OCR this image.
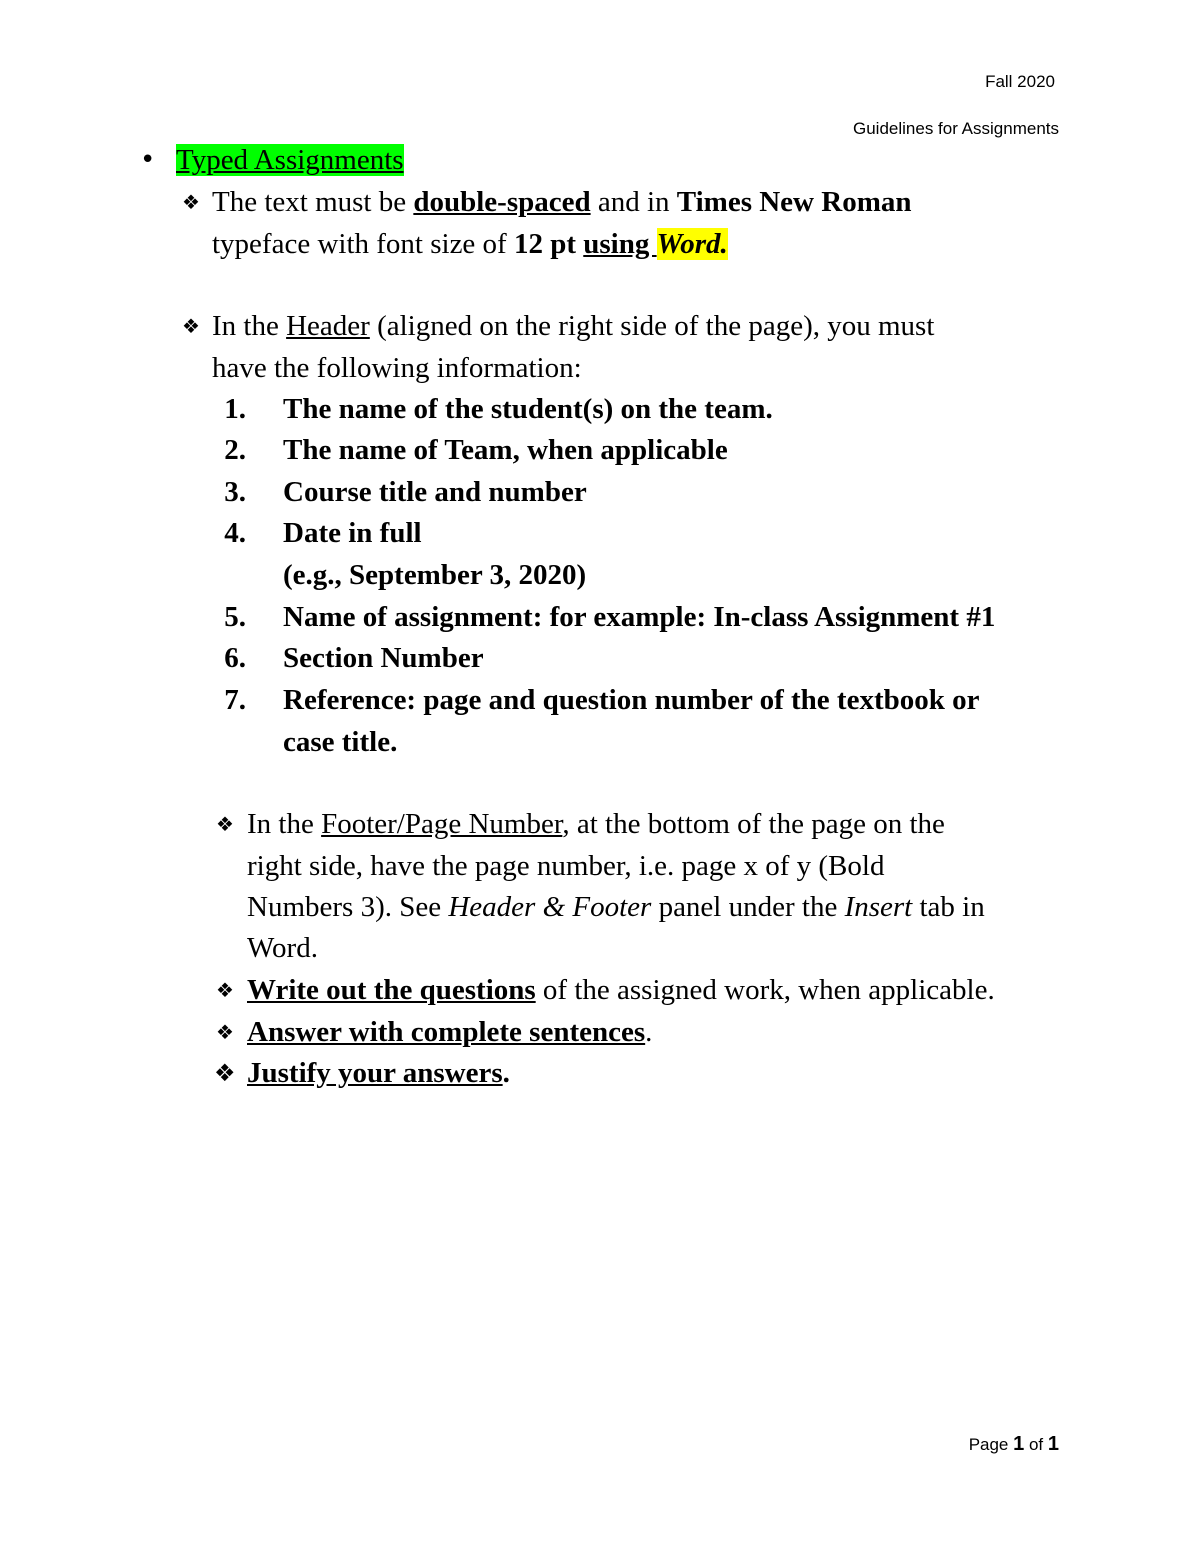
Fall 2020
Guidelines for Assignments
• Typed Assignments
❖ The text must be double-spaced and in Times New Roman
typeface with font size of 12 pt using Word.
❖ In the Header (aligned on the right side of the page), you must
have the following information:
1. The name of the student(s) on the team.
2. The name of Team, when applicable
3. Course title and number
4. Date in full
(e.g., September 3, 2020)
5. Name of assignment: for example: In-class Assignment #1
6. Section Number
7. Reference: page and question number of the textbook or
case title.
❖ In the Footer/Page Number, at the bottom of the page on the
right side, have the page number, i.e. page x of y (Bold
Numbers 3). See Header & Footer panel under the Insert tab in
Word.
❖ Write out the questions of the assigned work, when applicable.
❖ Answer with complete sentences.
❖ Justify your answers.
Page 1 of 1
